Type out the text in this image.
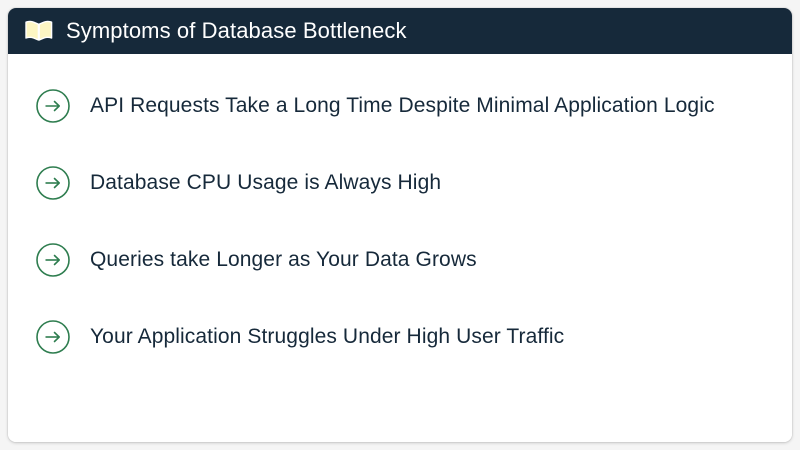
Symptoms of Database Bottleneck
API Requests Take a Long Time Despite Minimal Application Logic
Database CPU Usage is Always High
Queries take Longer as Your Data Grows
Your Application Struggles Under High User Traffic
